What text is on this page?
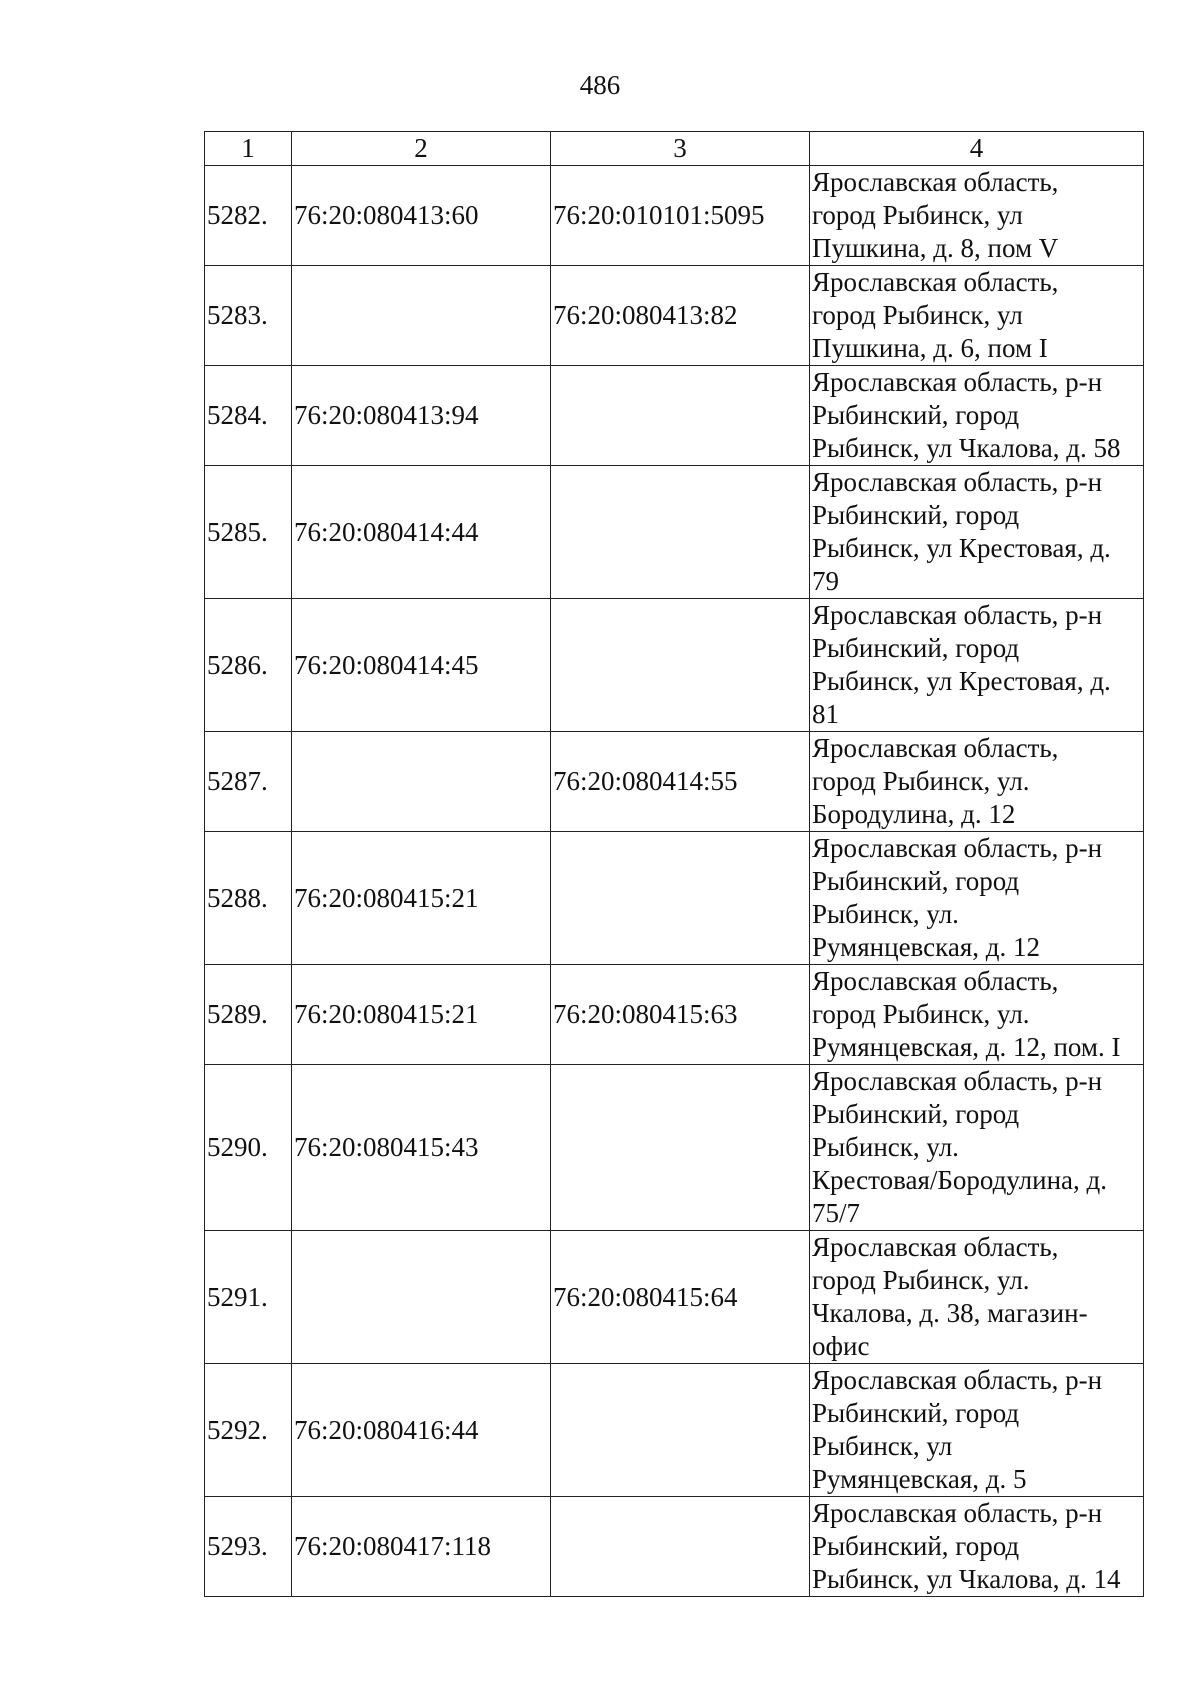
486
1	2	3	4
5282.	76:20:080413:60	76:20:010101:5095	Ярославская область,
город Рыбинск, ул
Пушкина, д. 8, пом V

5283.		76:20:080413:82	Ярославская область,
город Рыбинск, ул
Пушкина, д. 6, пом I

5284.	76:20:080413:94		Ярославская область, р-н
Рыбинский, город
Рыбинск, ул Чкалова, д. 58

5285.	76:20:080414:44		Ярославская область, р-н
Рыбинский, город
Рыбинск, ул Крестовая, д.
79

5286.	76:20:080414:45		Ярославская область, р-н
Рыбинский, город
Рыбинск, ул Крестовая, д.
81

5287.		76:20:080414:55	Ярославская область,
город Рыбинск, ул.
Бородулина, д. 12

5288.	76:20:080415:21		Ярославская область, р-н
Рыбинский, город
Рыбинск, ул.
Румянцевская, д. 12

5289.	76:20:080415:21	76:20:080415:63	Ярославская область,
город Рыбинск, ул.
Румянцевская, д. 12, пом. I

5290.	76:20:080415:43		Ярославская область, р-н
Рыбинский, город
Рыбинск, ул.
Крестовая/Бородулина, д.
75/7

5291.		76:20:080415:64	Ярославская область,
город Рыбинск, ул.
Чкалова, д. 38, магазин-
офис

5292.	76:20:080416:44		Ярославская область, р-н
Рыбинский, город
Рыбинск, ул
Румянцевская, д. 5

5293.	76:20:080417:118		Ярославская область, р-н
Рыбинский, город
Рыбинск, ул Чкалова, д. 14
